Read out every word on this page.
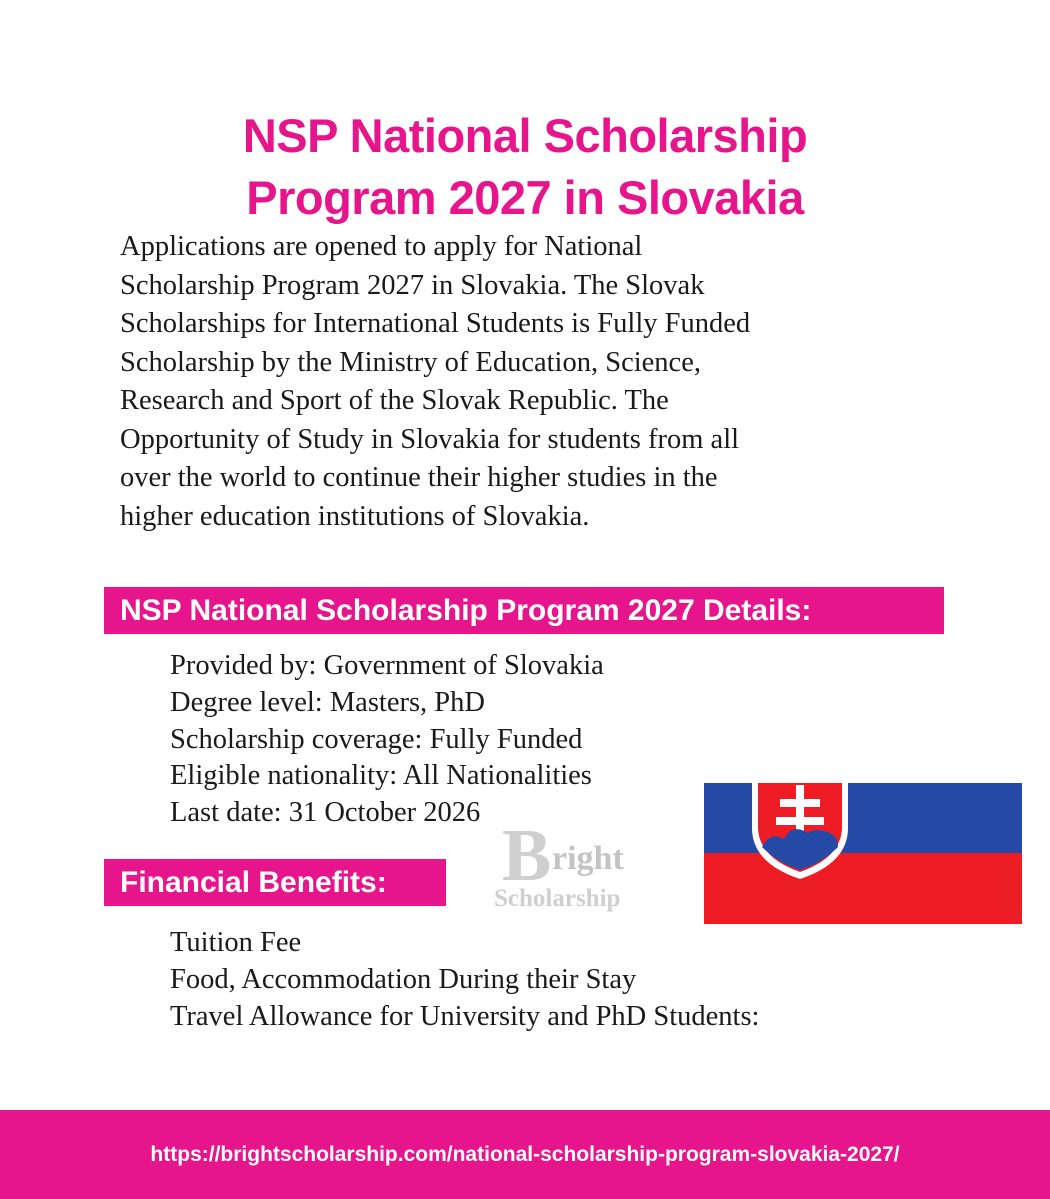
NSP National Scholarship
Program 2027 in Slovakia

Applications are opened to apply for National
Scholarship Program 2027 in Slovakia. The Slovak
Scholarships for International Students is Fully Funded
Scholarship by the Ministry of Education, Science,
Research and Sport of the Slovak Republic. The
Opportunity of Study in Slovakia for students from all
over the world to continue their higher studies in the
higher education institutions of Slovakia.

NSP National Scholarship Program 2027 Details:
Provided by: Government of Slovakia
Degree level: Masters, PhD
Scholarship coverage: Fully Funded
Eligible nationality: All Nationalities
Last date: 31 October 2026
B right
Scholarship
Financial Benefits:
Tuition Fee
Food, Accommodation During their Stay
Travel Allowance for University and PhD Students:
https://brightscholarship.com/national-scholarship-program-slovakia-2027/
